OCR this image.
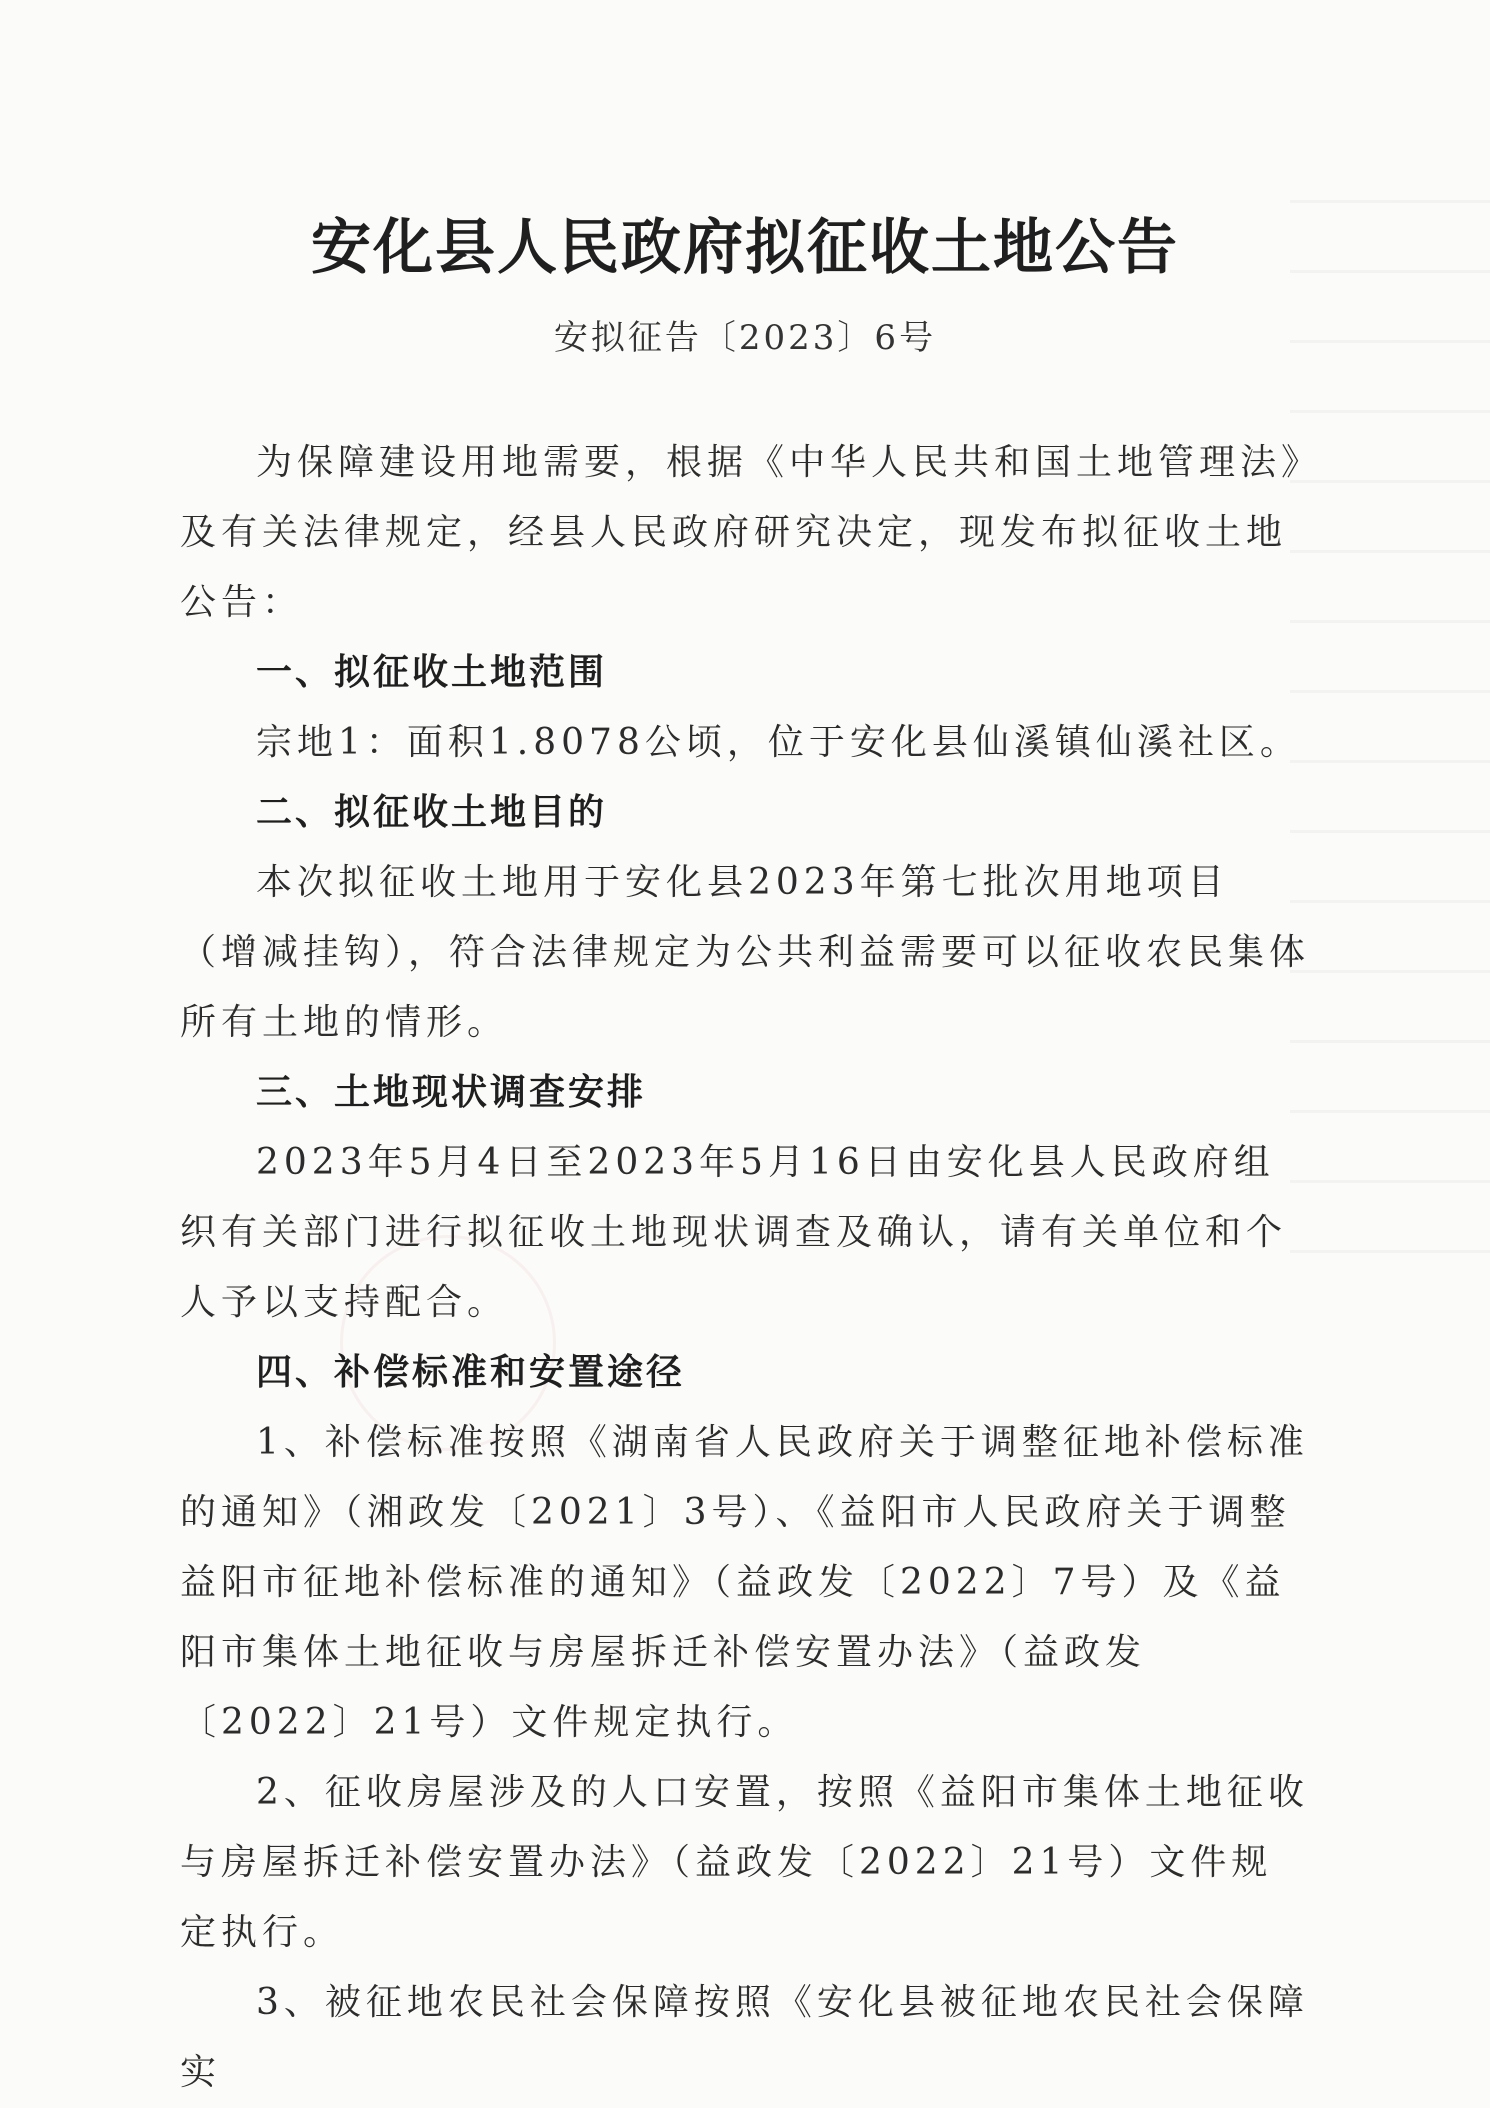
安化县人民政府拟征收土地公告
安拟征告〔2023〕6号

为保障建设用地需要，根据《中华人民共和国土地管理法》及有关法律规定，经县人民政府研究决定，现发布拟征收土地公告：

一、拟征收土地范围

宗地1：面积1.8078公顷，位于安化县仙溪镇仙溪社区。

二、拟征收土地目的

本次拟征收土地用于安化县2023年第七批次用地项目（增减挂钩），符合法律规定为公共利益需要可以征收农民集体所有土地的情形。

三、土地现状调查安排

2023年5月4日至2023年5月16日由安化县人民政府组织有关部门进行拟征收土地现状调查及确认，请有关单位和个人予以支持配合。

四、补偿标准和安置途径

1、补偿标准按照《湖南省人民政府关于调整征地补偿标准的通知》（湘政发〔2021〕3号）、《益阳市人民政府关于调整益阳市征地补偿标准的通知》（益政发〔2022〕7号）及《益阳市集体土地征收与房屋拆迁补偿安置办法》（益政发〔2022〕21号）文件规定执行。

2、征收房屋涉及的人口安置，按照《益阳市集体土地征收与房屋拆迁补偿安置办法》（益政发〔2022〕21号）文件规定执行。

3、被征地农民社会保障按照《安化县被征地农民社会保障实
